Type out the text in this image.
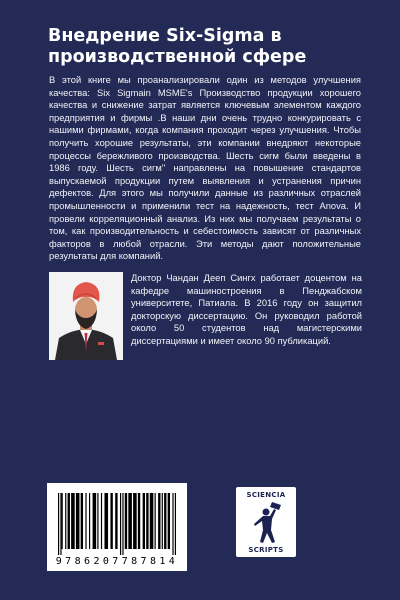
Внедрение Six-Sigma в
производственной сфере

В этой книге мы проанализировали один из методов улучшения качества: Six Sigmain MSME's Производство продукции хорошего качества и снижение затрат является ключевым элементом каждого предприятия и фирмы .В наши дни очень трудно конкурировать с нашими фирмами, когда компания проходит через улучшения. Чтобы получить хорошие результаты, эти компании внедряют некоторые процессы бережливого производства. Шесть сигм были введены в 1986 году. Шесть сигм" направлены на повышение стандартов выпускаемой продукции путем выявления и устранения причин дефектов. Для этого мы получили данные из различных отраслей промышленности и применили тест на надежность, тест Anova. И провели корреляционный анализ. Из них мы получаем результаты о том, как производительность и себестоимость зависят от различных факторов в любой отрасли. Эти методы дают положительные результаты для компаний.

Доктор Чандан Дееп Сингх работает доцентом на кафедре машиностроения в Пенджабском университете, Патиала. В 2016 году он защитил докторскую диссертацию. Он руководил работой около 50 студентов над магистерскими диссертациями и имеет около 90 публикаций.

9786207787814
SCIENCIA
SCRIPTS
